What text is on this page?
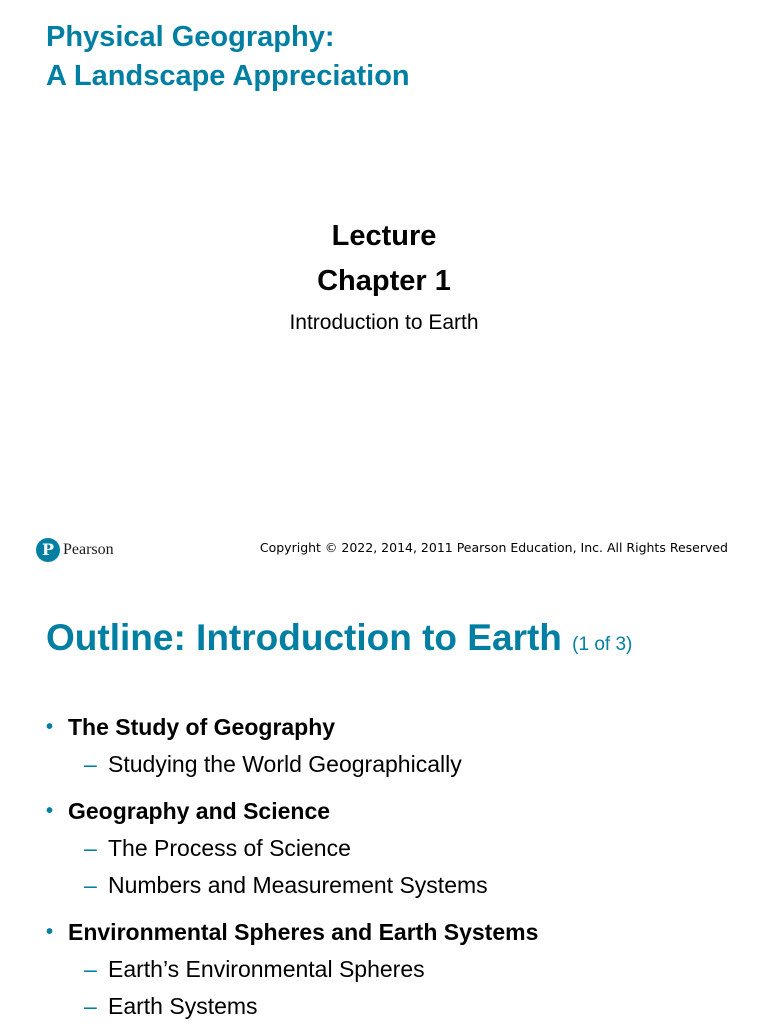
Physical Geography:
A Landscape Appreciation
Lecture
Chapter 1
Introduction to Earth
P Pearson	Copyright © 2022, 2014, 2011 Pearson Education, Inc. All Rights Reserved
Outline: Introduction to Earth (1 of 3)
• The Study of Geography
– Studying the World Geographically
• Geography and Science
– The Process of Science
– Numbers and Measurement Systems
• Environmental Spheres and Earth Systems
– Earth’s Environmental Spheres
– Earth Systems
